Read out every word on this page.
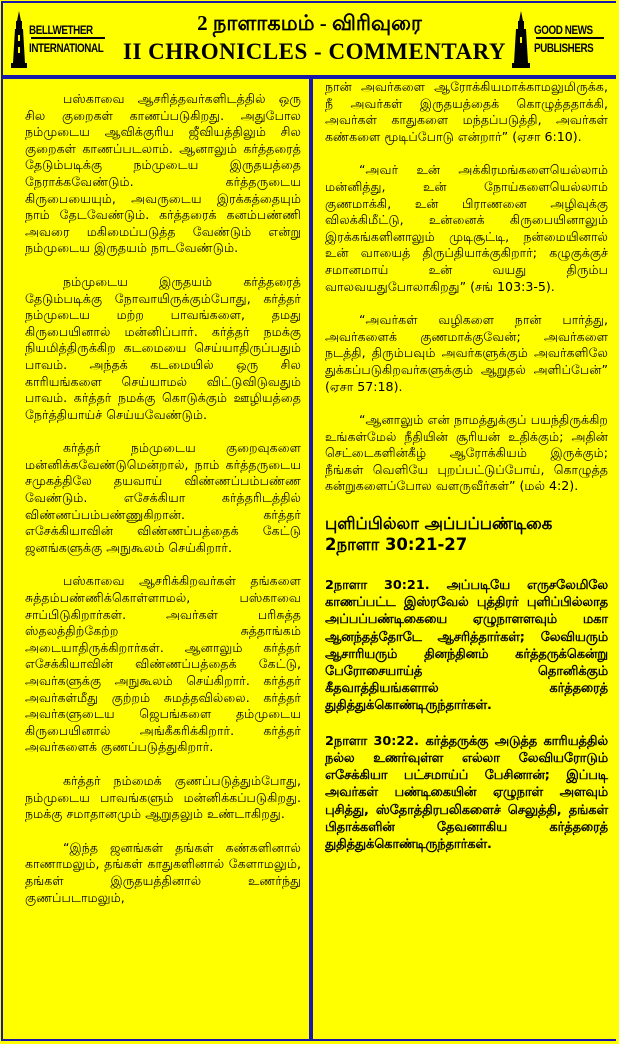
BELLWETHER
INTERNATIONAL
2 நாளாகமம் - விரிவுரை
II CHRONICLES - COMMENTARY
GOOD NEWS
PUBLISHERS

பஸ்காவை ஆசரித்தவர்களிடத்தில் ஒரு சில குறைகள் காணப்படுகிறது. அதுபோல நம்முடைய ஆவிக்குரிய ஜீவியத்திலும் சில குறைகள் காணப்படலாம். ஆனாலும் கர்த்தரைத் தேடும்படிக்கு நம்முடைய இருதயத்தை நேராக்கவேண்டும். கர்த்தருடைய கிருபையையும், அவருடைய இரக்கத்தையும் நாம் தேடவேண்டும். கர்த்தரைக் கனம்பண்ணி அவரை மகிமைப்படுத்த வேண்டும் என்று நம்முடைய இருதயம் நாடவேண்டும்.

நம்முடைய இருதயம் கர்த்தரைத் தேடும்படிக்கு நோவாயிருக்கும்போது, கர்த்தர் நம்முடைய மற்ற பாவங்களை, தமது கிருபையினால் மன்னிப்பார். கர்த்தர் நமக்கு நியமித்திருக்கிற கடமையை செய்யாதிருப்பதும் பாவம். அந்தக் கடமையில் ஒரு சில காரியங்களை செய்யாமல் விட்டுவிடுவதும் பாவம். கர்த்தர் நமக்கு கொடுக்கும் ஊழியத்தை நேர்த்தியாய்ச் செய்யவேண்டும்.

கர்த்தர் நம்முடைய குறைவுகளை மன்னிக்கவேண்டுமென்றால், நாம் கர்த்தருடைய சமுகத்திலே தயவாய் விண்ணப்பம்பண்ண வேண்டும். எசேக்கியா கர்த்தரிடத்தில் விண்ணப்பம்பண்ணுகிறான். கர்த்தர் எசேக்கியாவின் விண்ணப்பத்தைக் கேட்டு ஜனங்களுக்கு அநுகூலம் செய்கிறார்.

பஸ்காவை ஆசரிக்கிறவர்கள் தங்களை சுத்தம்பண்ணிக்கொள்ளாமல், பஸ்காவை சாப்பிடுகிறார்கள். அவர்கள் பரிசுத்த ஸ்தலத்திற்கேற்ற சுத்தாங்கம் அடையாதிருக்கிறார்கள். ஆனாலும் கர்த்தர் எசேக்கியாவின் விண்ணப்பத்தைக் கேட்டு, அவர்களுக்கு அநுகூலம் செய்கிறார். கர்த்தர் அவர்கள்மீது குற்றம் சுமத்தவில்லை. கர்த்தர் அவர்களுடைய ஜெபங்களை தம்முடைய கிருபையினால் அங்கீகரிக்கிறார். கர்த்தர் அவர்களைக் குணப்படுத்துகிறார்.

கர்த்தர் நம்மைக் குணப்படுத்தும்போது, நம்முடைய பாவங்களும் மன்னிக்கப்படுகிறது. நமக்கு சமாதானமும் ஆறுதலும் உண்டாகிறது.

“இந்த ஜனங்கள் தங்கள் கண்களினால் காணாமலும், தங்கள் காதுகளினால் கேளாமலும், தங்கள் இருதயத்தினால் உணர்ந்து குணப்படாமலும்,

நான் அவர்களை ஆரோக்கியமாக்காமலுமிருக்க, நீ அவர்கள் இருதயத்தைக் கொழுத்ததாக்கி, அவர்கள் காதுகளை மந்தப்படுத்தி, அவர்கள் கண்களை மூடிப்போடு என்றார்” (ஏசா 6:10).

“அவர் உன் அக்கிரமங்களையெல்லாம் மன்னித்து, உன் நோய்களையெல்லாம் குணமாக்கி, உன் பிராணனை அழிவுக்கு விலக்கிமீட்டு, உன்னைக் கிருபையினாலும் இரக்கங்களினாலும் முடிசூட்டி, நன்மையினால் உன் வாயைத் திருப்தியாக்குகிறார்; கழுகுக்குச் சமானமாய் உன் வயது திரும்ப வாலவயதுபோலாகிறது” (சங் 103:3-5).

“அவர்கள் வழிகளை நான் பார்த்து, அவர்களைக் குணமாக்குவேன்; அவர்களை நடத்தி, திரும்பவும் அவர்களுக்கும் அவர்களிலே துக்கப்படுகிறவர்களுக்கும் ஆறுதல் அளிப்பேன்” (ஏசா 57:18).

“ஆனாலும் என் நாமத்துக்குப் பயந்திருக்கிற உங்கள்மேல் நீதியின் சூரியன் உதிக்கும்; அதின் செட்டைகளின்கீழ் ஆரோக்கியம் இருக்கும்; நீங்கள் வெளியே புறப்பட்டுப்போய், கொழுத்த கன்றுகளைப்போல வளருவீர்கள்” (மல் 4:2).

புளிப்பில்லா அப்பப்பண்டிகை 2நாளா 30:21-27

2நாளா 30:21. அப்படியே எருசலேமிலே காணப்பட்ட இஸ்ரவேல் புத்திரர் புளிப்பில்லாத அப்பப்பண்டிகையை ஏழுநாளளவும் மகா ஆனந்தத்தோடே ஆசரித்தார்கள்; லேவியரும் ஆசாரியரும் தினந்தினம் கர்த்தருக்கென்று பேரோசையாய்த் தொனிக்கும் கீதவாத்தியங்களால் கர்த்தரைத் துதித்துக்கொண்டிருந்தார்கள்.

2நாளா 30:22. கர்த்தருக்கு அடுத்த காரியத்தில் நல்ல உணர்வுள்ள எல்லா லேவியரோடும் எசேக்கியா பட்சமாய்ப் பேசினான்; இப்படி அவர்கள் பண்டிகையின் ஏழுநாள் அளவும் புசித்து, ஸ்தோத்திரபலிகளைச் செலுத்தி, தங்கள் பிதாக்களின் தேவனாகிய கர்த்தரைத் துதித்துக்கொண்டிருந்தார்கள்.
